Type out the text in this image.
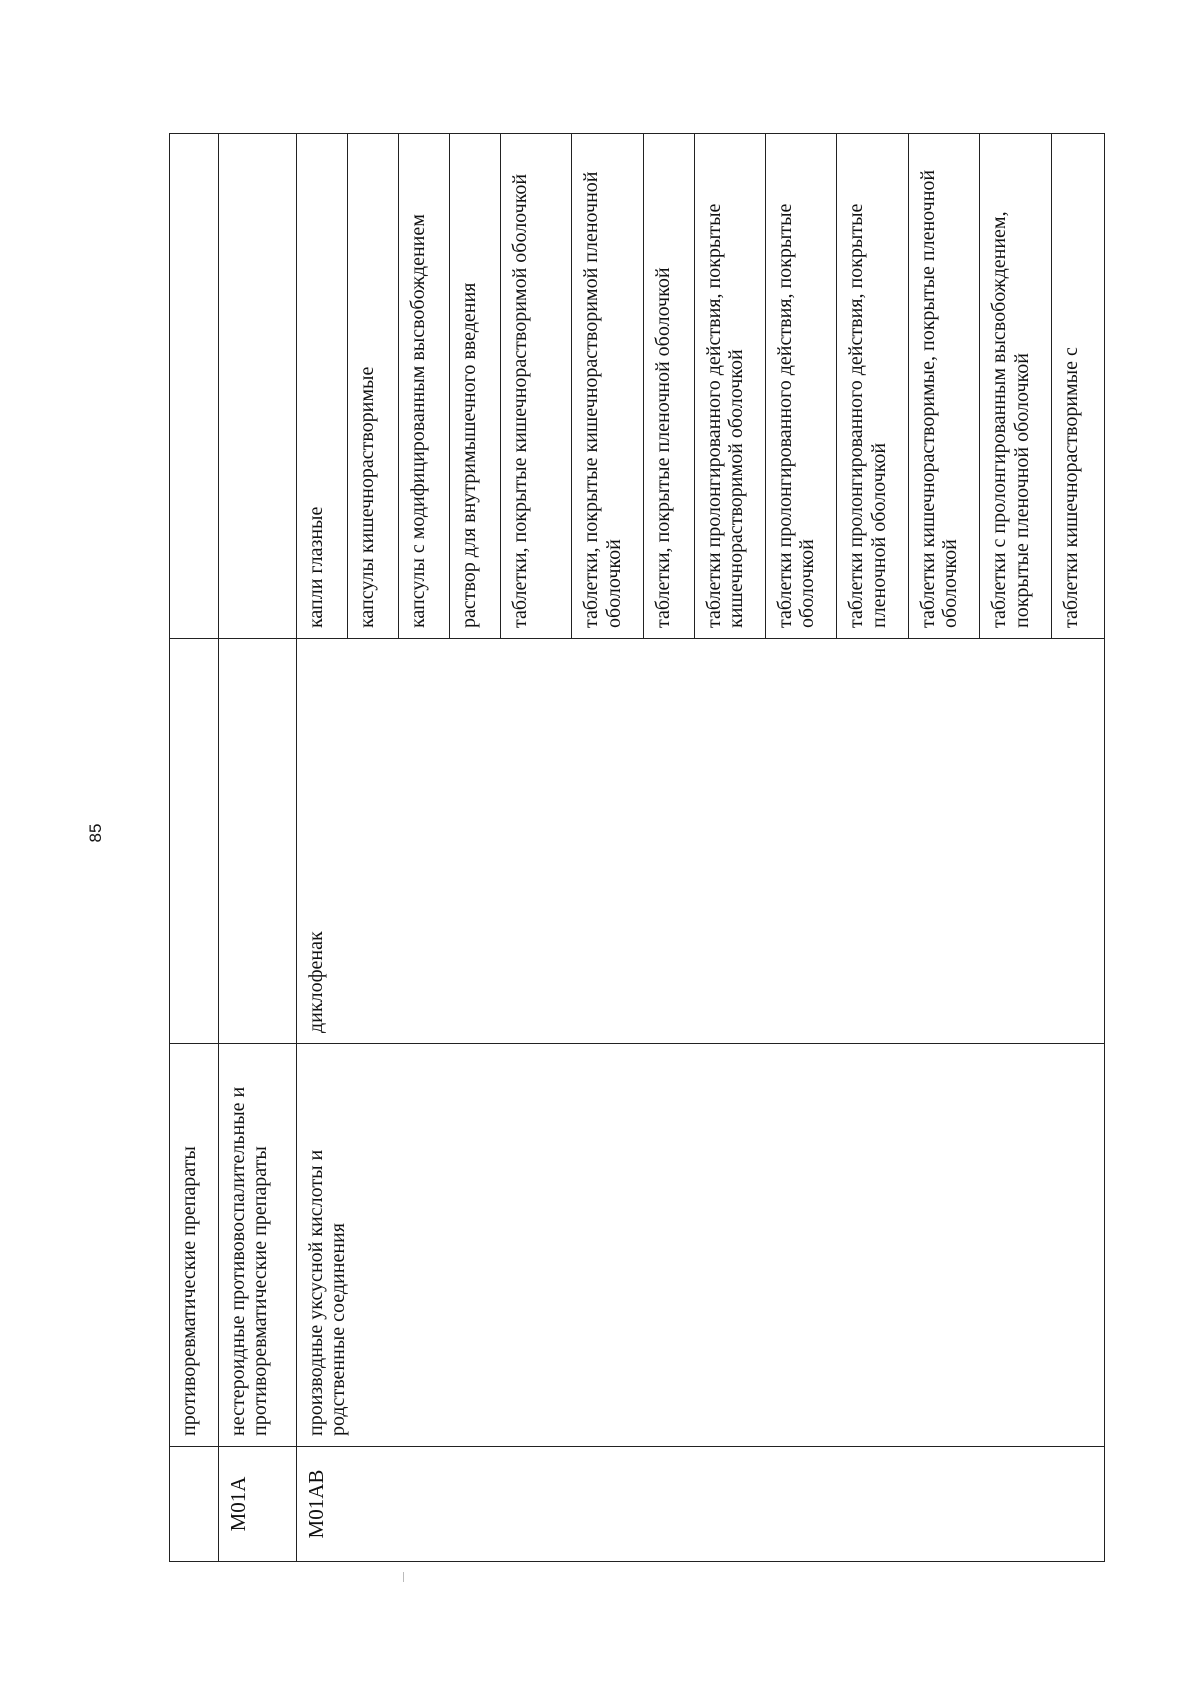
85
	противоревматические препараты		

M01A	нестероидные противовоспалительные и противоревматические препараты		

M01AB	производные уксусной кислоты и родственные соединения	диклофенак	капли глазные
			капсулы кишечнорастворимые
			капсулы с модифицированным высвобождением
			раствор для внутримышечного введения
			таблетки, покрытые кишечнорастворимой оболочкой
			таблетки, покрытые кишечнорастворимой пленочной оболочкой
			таблетки, покрытые пленочной оболочкой
			таблетки пролонгированного действия, покрытые кишечнорастворимой оболочкой
			таблетки пролонгированного действия, покрытые оболочкой
			таблетки пролонгированного действия, покрытые пленочной оболочкой
			таблетки кишечнорастворимые, покрытые пленочной оболочкой
			таблетки с пролонгированным высвобождением, покрытые пленочной оболочкой
			таблетки кишечнорастворимые с
